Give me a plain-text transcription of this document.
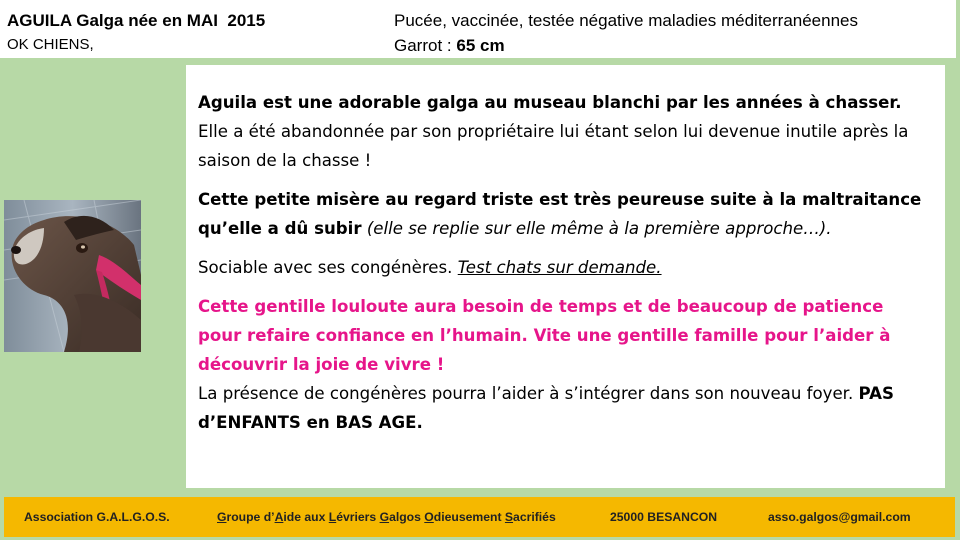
AGUILA Galga née en MAI  2015
OK CHIENS,
Pucée, vaccinée, testée négative maladies méditerranéennes
Garrot : 65 cm

Aguila est une adorable galga au museau blanchi par les années à chasser. Elle a été abandonnée par son propriétaire lui étant selon lui devenue inutile après la saison de la chasse !

Cette petite misère au regard triste est très peureuse suite à la maltraitance qu’elle a dû subir (elle se replie sur elle même à la première approche…).

Sociable avec ses congénères. Test chats sur demande.

Cette gentille louloute aura besoin de temps et de beaucoup de patience pour refaire confiance en l’humain. Vite une gentille famille pour l’aider à découvrir la joie de vivre !

La présence de congénères pourra l’aider à s’intégrer dans son nouveau foyer. PAS d’ENFANTS en BAS AGE.

Association G.A.L.G.O.S.	Groupe d’Aide aux Lévriers Galgos Odieusement Sacrifiés	25000 BESANCON	asso.galgos@gmail.com
